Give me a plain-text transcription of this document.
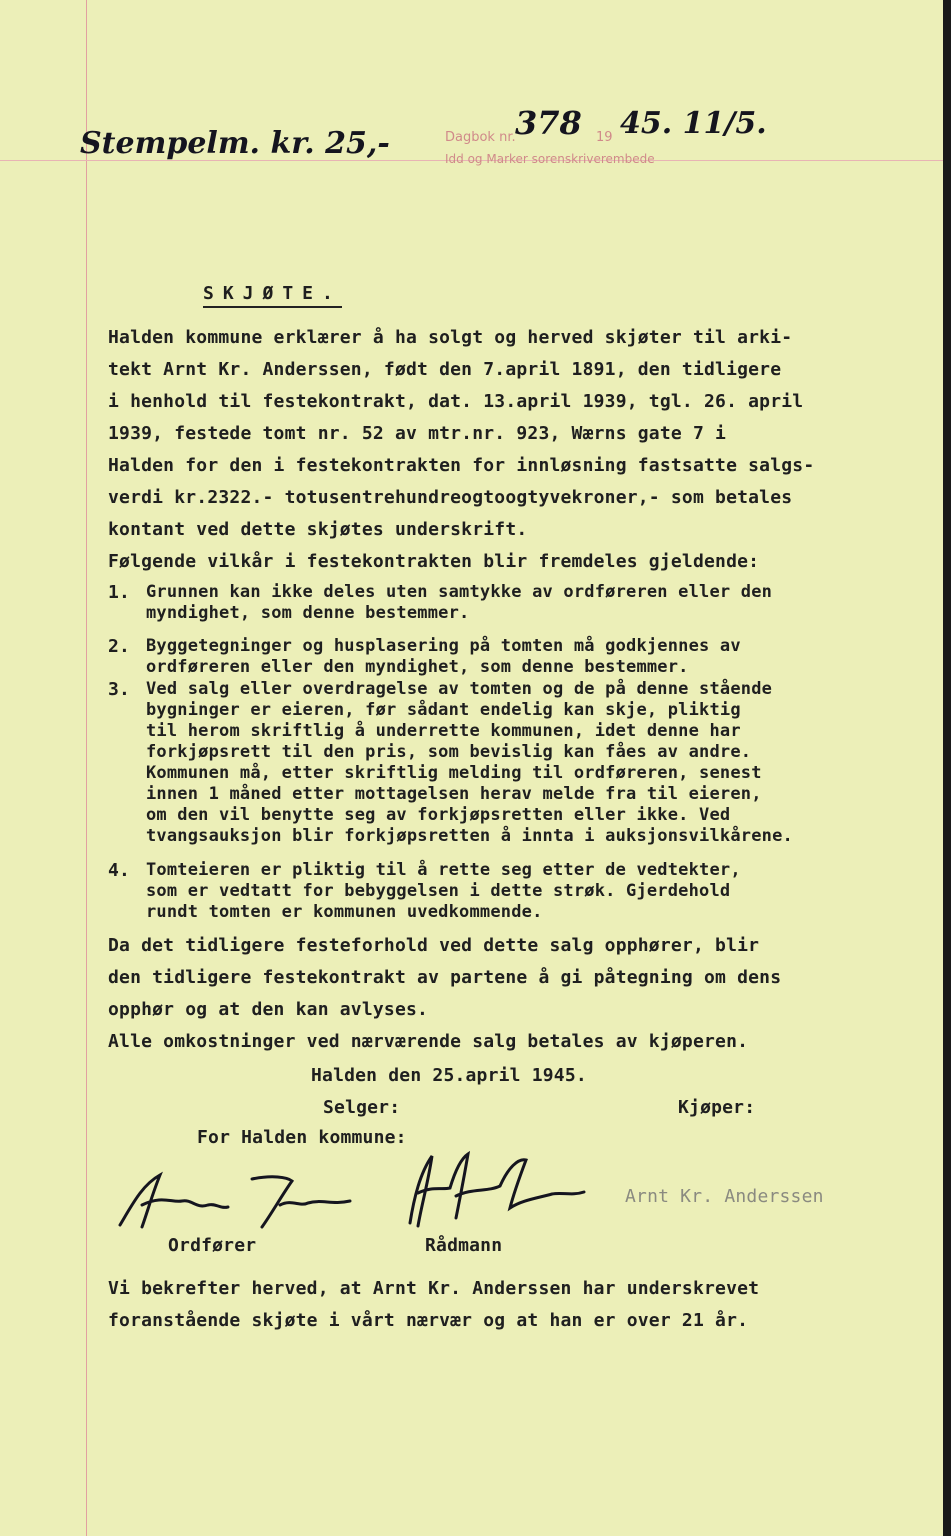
Stempelm. kr. 25,-	Dagbok nr. 378 19 45. 11/5.
Idd og Marker sorenskriverembede
SKJØTE.
Halden kommune erklærer å ha solgt og herved skjøter til arki-
tekt Arnt Kr. Anderssen, født den 7.april 1891, den tidligere
i henhold til festekontrakt, dat. 13.april 1939, tgl. 26. april
1939, festede tomt nr. 52 av mtr.nr. 923, Wærns gate 7 i
Halden for den i festekontrakten for innløsning fastsatte salgs-
verdi kr.2322.- totusentrehundreogtoogtyvekroner,- som betales
kontant ved dette skjøtes underskrift.
Følgende vilkår i festekontrakten blir fremdeles gjeldende:
1. Grunnen kan ikke deles uten samtykke av ordføreren eller den
myndighet, som denne bestemmer.
2. Byggetegninger og husplasering på tomten må godkjennes av
ordføreren eller den myndighet, som denne bestemmer.
3. Ved salg eller overdragelse av tomten og de på denne stående
bygninger er eieren, før sådant endelig kan skje, pliktig
til herom skriftlig å underrette kommunen, idet denne har
forkjøpsrett til den pris, som bevislig kan fåes av andre.
Kommunen må, etter skriftlig melding til ordføreren, senest
innen 1 måned etter mottagelsen herav melde fra til eieren,
om den vil benytte seg av forkjøpsretten eller ikke. Ved
tvangsauksjon blir forkjøpsretten å innta i auksjonsvilkårene.
4. Tomteieren er pliktig til å rette seg etter de vedtekter,
som er vedtatt for bebyggelsen i dette strøk. Gjerdehold
rundt tomten er kommunen uvedkommende.
Da det tidligere festeforhold ved dette salg opphører, blir
den tidligere festekontrakt av partene å gi påtegning om dens
opphør og at den kan avlyses.
Alle omkostninger ved nærværende salg betales av kjøperen.
Halden den 25.april 1945.
Selger:	Kjøper:
For Halden kommune:
Arnt Kr. Anderssen
Ordfører	Rådmann
Vi bekrefter herved, at Arnt Kr. Anderssen har underskrevet
foranstående skjøte i vårt nærvær og at han er over 21 år.
